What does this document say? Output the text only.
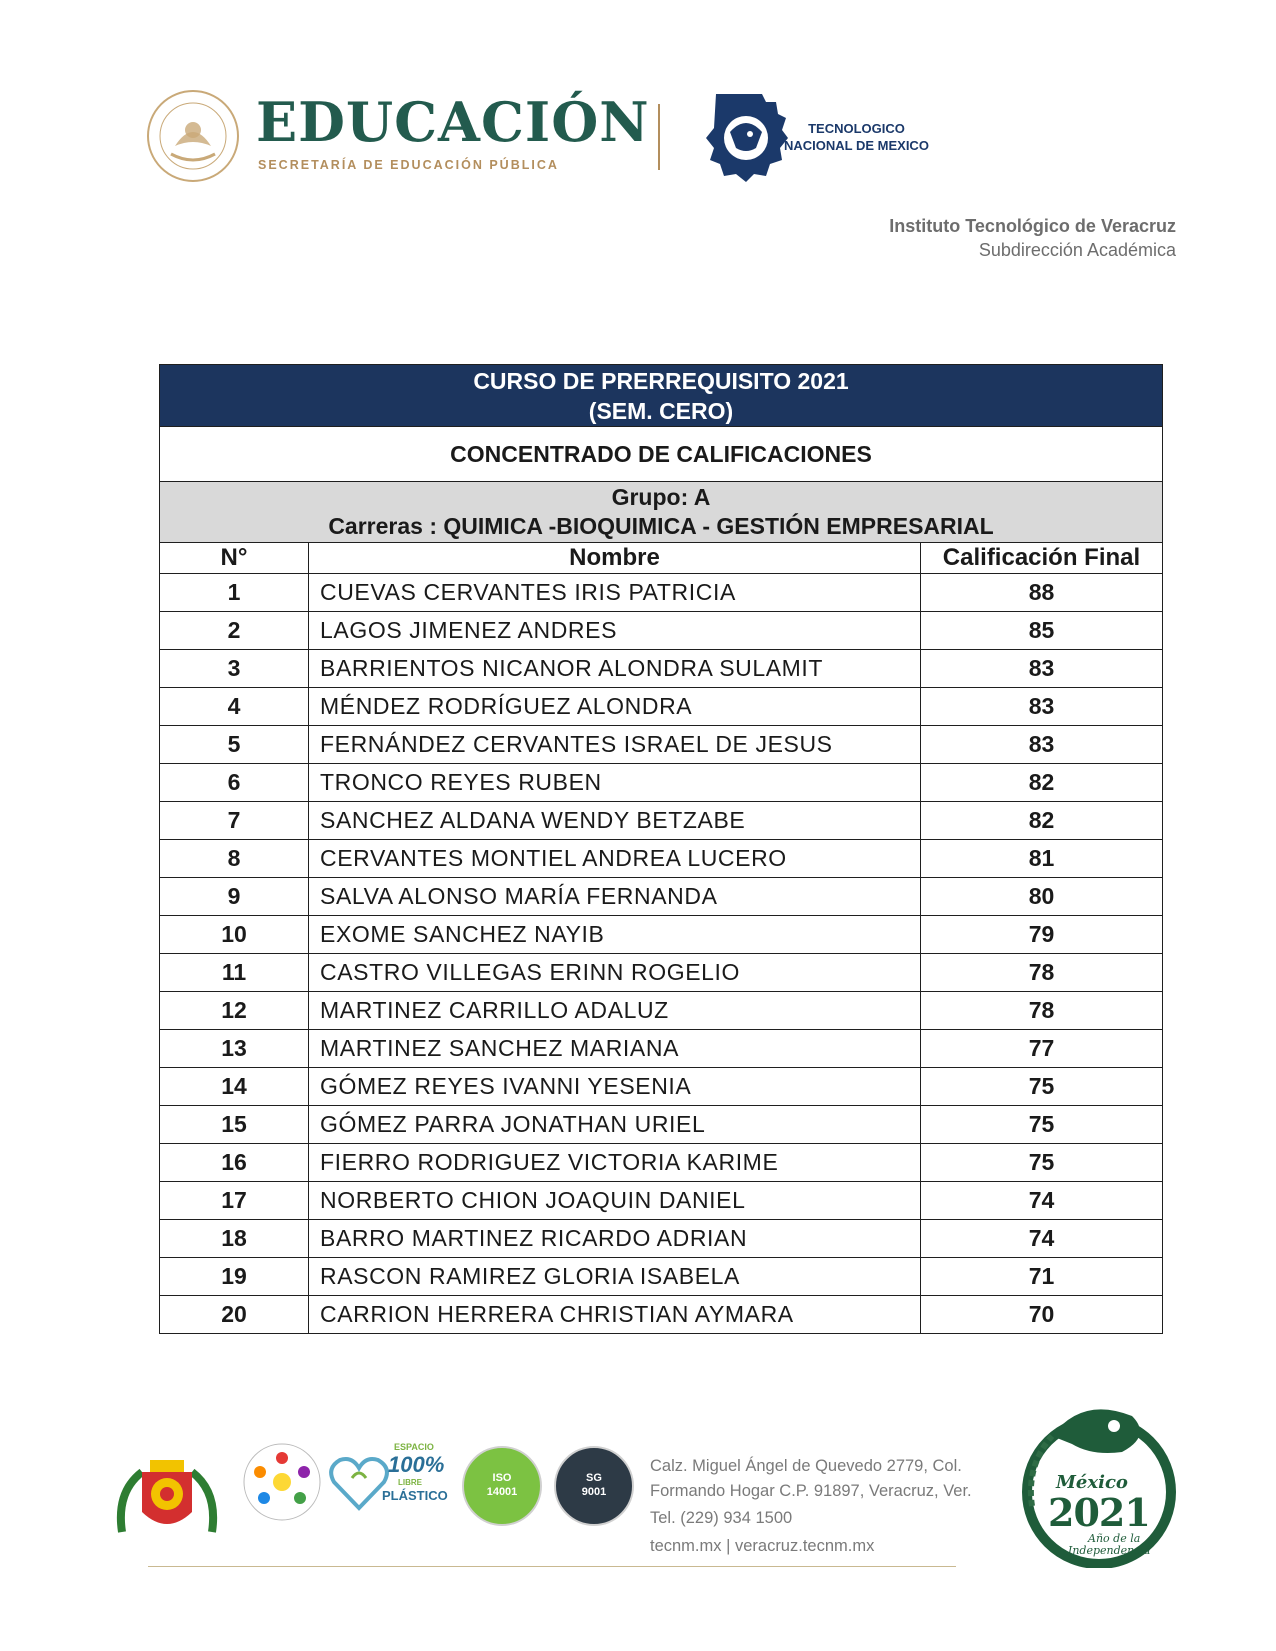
EDUCACIÓN
SECRETARÍA DE EDUCACIÓN PÚBLICA
TECNOLOGICO
NACIONAL DE MEXICO
Instituto Tecnológico de Veracruz
Subdirección Académica
CURSO DE PRERREQUISITO 2021
(SEM. CERO)		

CONCENTRADO DE CALIFICACIONES		

Grupo: A
Carreras : QUIMICA -BIOQUIMICA - GESTIÓN EMPRESARIAL		

N°	Nombre	Calificación Final
1	CUEVAS CERVANTES IRIS PATRICIA	88
2	LAGOS JIMENEZ ANDRES	85
3	BARRIENTOS NICANOR ALONDRA SULAMIT	83
4	MÉNDEZ RODRÍGUEZ ALONDRA	83
5	FERNÁNDEZ CERVANTES ISRAEL DE JESUS	83
6	TRONCO REYES RUBEN	82
7	SANCHEZ ALDANA WENDY BETZABE	82
8	CERVANTES MONTIEL ANDREA LUCERO	81
9	SALVA ALONSO MARÍA FERNANDA	80
10	EXOME SANCHEZ NAYIB	79
11	CASTRO VILLEGAS ERINN ROGELIO	78
12	MARTINEZ CARRILLO ADALUZ	78
13	MARTINEZ SANCHEZ MARIANA	77
14	GÓMEZ REYES IVANNI YESENIA	75
15	GÓMEZ PARRA JONATHAN URIEL	75
16	FIERRO RODRIGUEZ VICTORIA KARIME	75
17	NORBERTO CHION JOAQUIN DANIEL	74
18	BARRO MARTINEZ RICARDO ADRIAN	74
19	RASCON RAMIREZ GLORIA ISABELA	71
20	CARRION HERRERA CHRISTIAN AYMARA	70
ESPACIO
100%
LIBRE
PLÁSTICO
ISO
14001
SG
9001
Calz. Miguel Ángel de Quevedo 2779, Col.
Formando Hogar C.P. 91897, Veracruz, Ver.
Tel. (229) 934 1500
tecnm.mx | veracruz.tecnm.mx
México
2021
Año de la
Independencia
